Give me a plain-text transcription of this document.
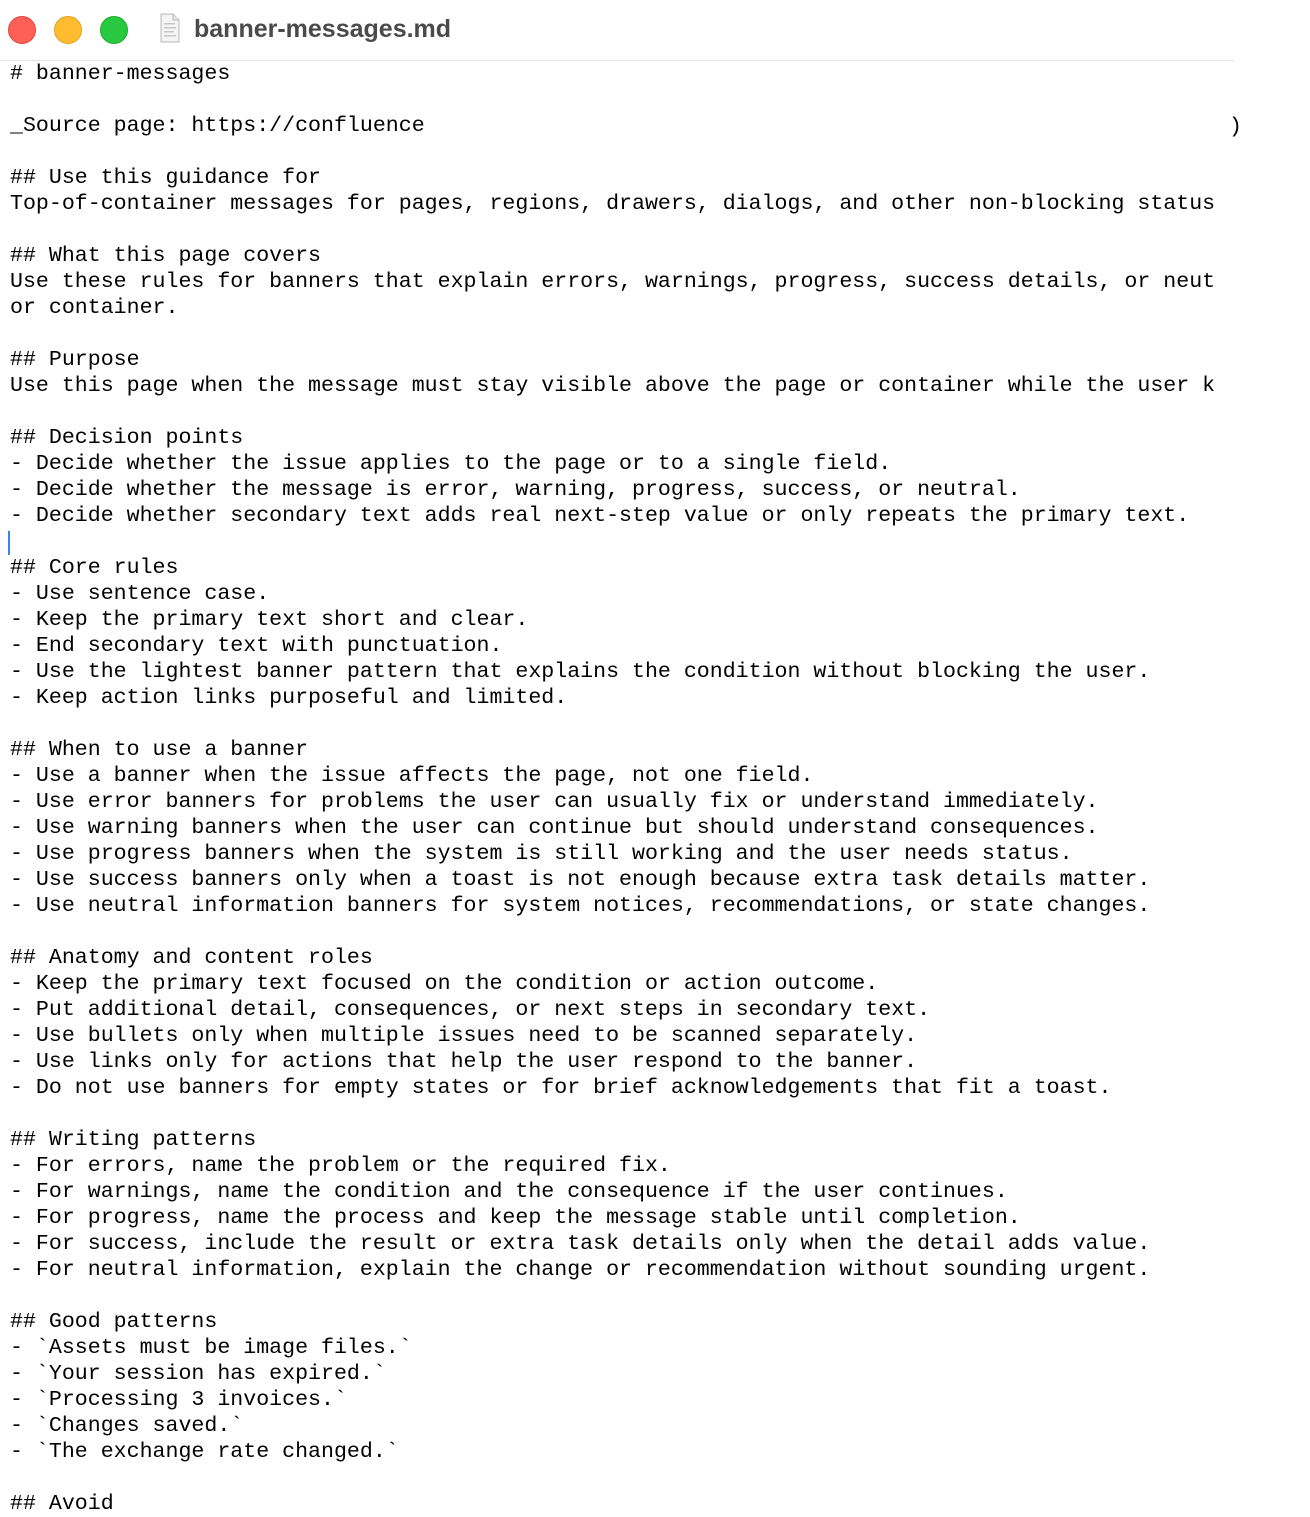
banner-messages.md
# banner-messages
_Source page: https://confluence
## Use this guidance for
Top-of-container messages for pages, regions, drawers, dialogs, and other non-blocking status
## What this page covers
Use these rules for banners that explain errors, warnings, progress, success details, or neut
or container.
## Purpose
Use this page when the message must stay visible above the page or container while the user k
## Decision points
- Decide whether the issue applies to the page or to a single field.
- Decide whether the message is error, warning, progress, success, or neutral.
- Decide whether secondary text adds real next-step value or only repeats the primary text.
## Core rules
- Use sentence case.
- Keep the primary text short and clear.
- End secondary text with punctuation.
- Use the lightest banner pattern that explains the condition without blocking the user.
- Keep action links purposeful and limited.
## When to use a banner
- Use a banner when the issue affects the page, not one field.
- Use error banners for problems the user can usually fix or understand immediately.
- Use warning banners when the user can continue but should understand consequences.
- Use progress banners when the system is still working and the user needs status.
- Use success banners only when a toast is not enough because extra task details matter.
- Use neutral information banners for system notices, recommendations, or state changes.
## Anatomy and content roles
- Keep the primary text focused on the condition or action outcome.
- Put additional detail, consequences, or next steps in secondary text.
- Use bullets only when multiple issues need to be scanned separately.
- Use links only for actions that help the user respond to the banner.
- Do not use banners for empty states or for brief acknowledgements that fit a toast.
## Writing patterns
- For errors, name the problem or the required fix.
- For warnings, name the condition and the consequence if the user continues.
- For progress, name the process and keep the message stable until completion.
- For success, include the result or extra task details only when the detail adds value.
- For neutral information, explain the change or recommendation without sounding urgent.
## Good patterns
- `Assets must be image files.`
- `Your session has expired.`
- `Processing 3 invoices.`
- `Changes saved.`
- `The exchange rate changed.`
## Avoid
)
